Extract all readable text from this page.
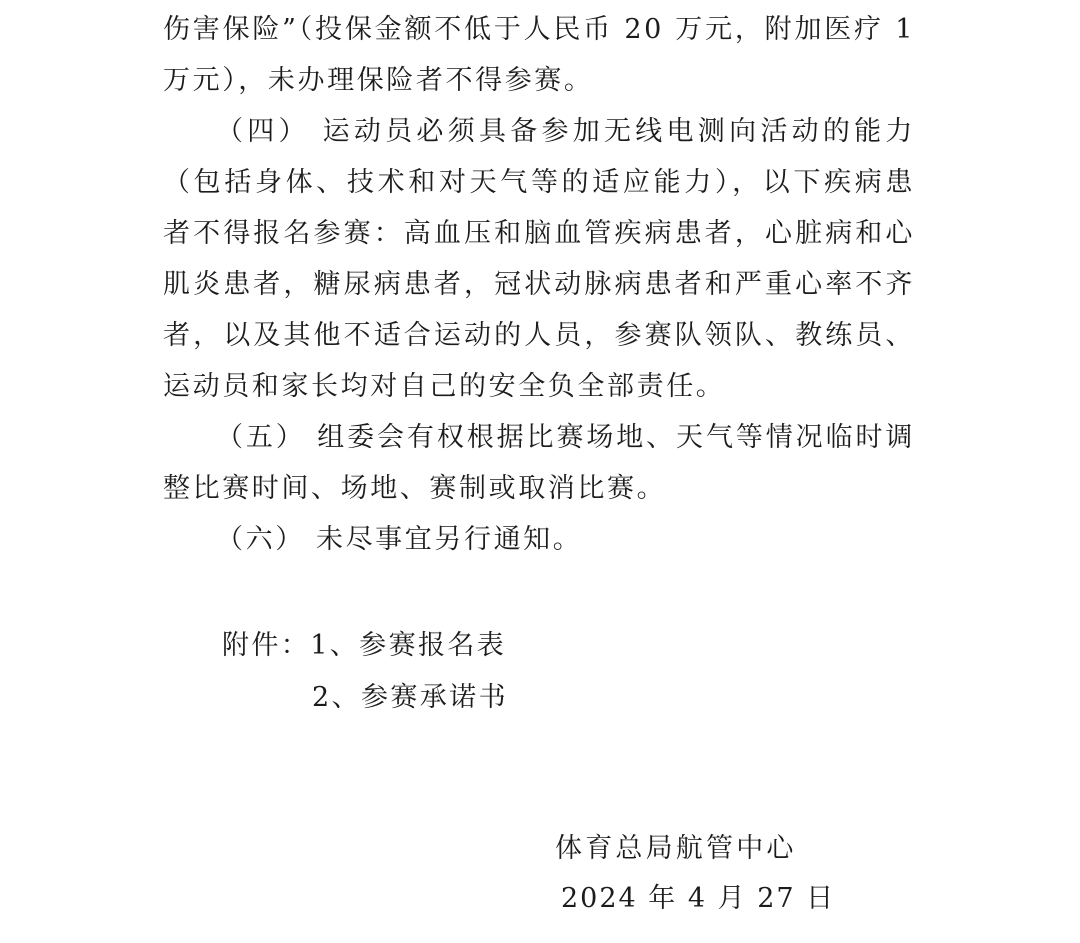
伤害保险”（投保金额不低于人民币 20 万元，附加医疗 1 万元），未办理保险者不得参赛。

（四） 运动员必须具备参加无线电测向活动的能力（包括身体、技术和对天气等的适应能力），以下疾病患者不得报名参赛：高血压和脑血管疾病患者，心脏病和心肌炎患者，糖尿病患者，冠状动脉病患者和严重心率不齐者，以及其他不适合运动的人员，参赛队领队、教练员、运动员和家长均对自己的安全负全部责任。

（五） 组委会有权根据比赛场地、天气等情况临时调整比赛时间、场地、赛制或取消比赛。

（六） 未尽事宜另行通知。

附件：1、参赛报名表
2、参赛承诺书
体育总局航管中心
2024 年 4 月 27 日
